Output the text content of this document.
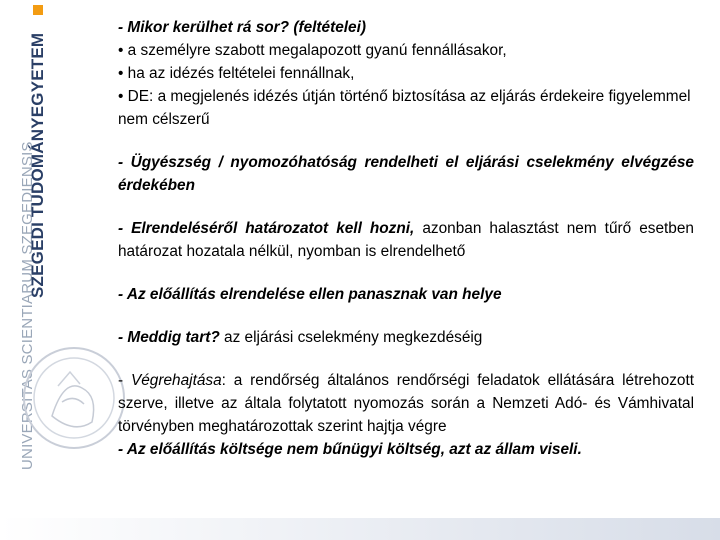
UNIVERSITAS SCIENTIARUM SZEGEDIENSIS
SZEGEDI TUDOMÁNYEGYETEM

- Mikor kerülhet rá sor? (feltételei)

• a személyre szabott megalapozott gyanú fennállásakor,

• ha az idézés feltételei fennállnak,

• DE: a megjelenés idézés útján történő biztosítása az eljárás érdekeire figyelemmel nem célszerű

- Ügyészség / nyomozóhatóság rendelheti el eljárási cselekmény elvégzése érdekében

- Elrendeléséről határozatot kell hozni, azonban halasztást nem tűrő esetben határozat hozatala nélkül, nyomban is elrendelhető

- Az előállítás elrendelése ellen panasznak van helye

- Meddig tart? az eljárási cselekmény megkezdéséig

- Végrehajtása: a rendőrség általános rendőrségi feladatok ellátására létrehozott szerve, illetve az általa folytatott nyomozás során a Nemzeti Adó- és Vámhivatal törvényben meghatározottak szerint hajtja végre

- Az előállítás költsége nem bűnügyi költség, azt az állam viseli.
